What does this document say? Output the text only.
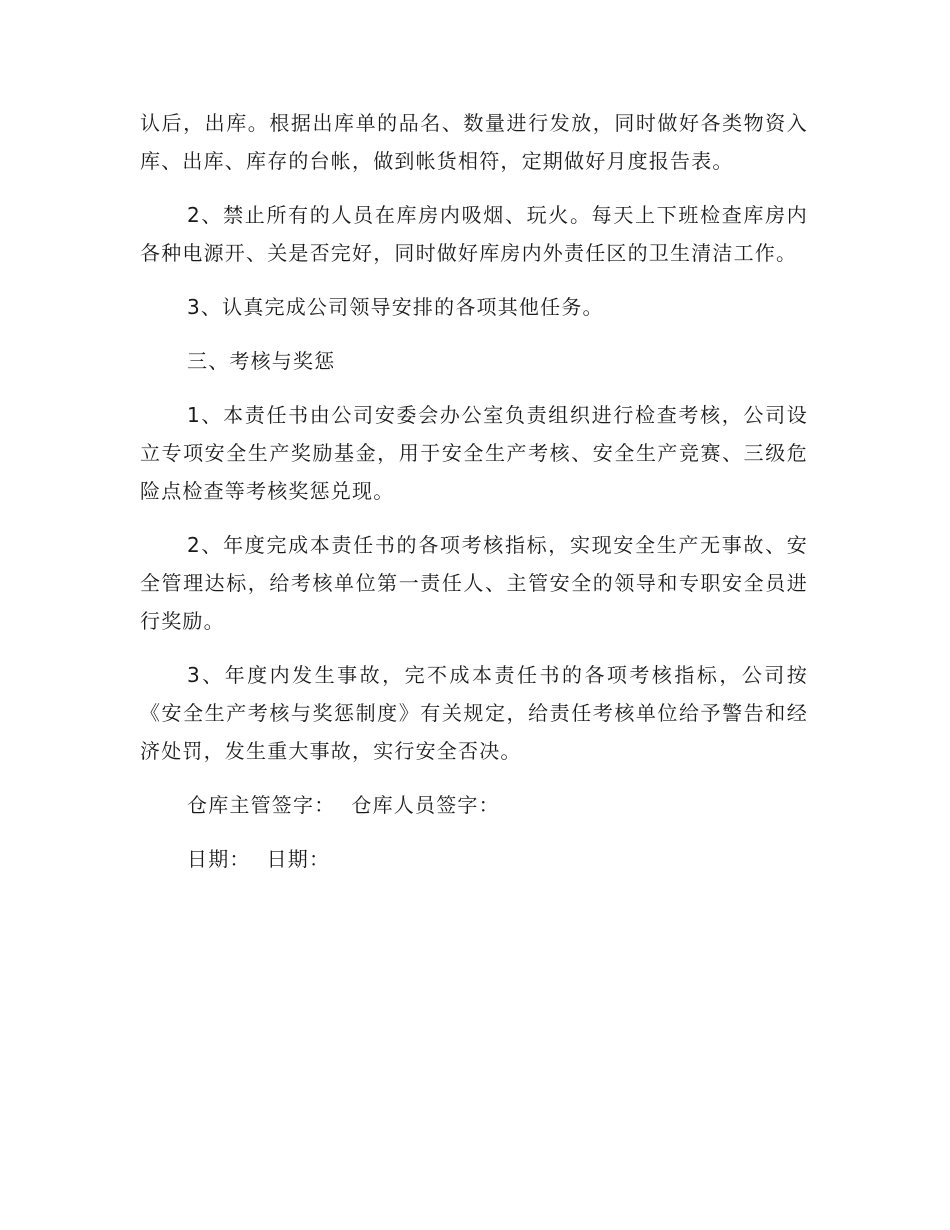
认后，出库。根据出库单的品名、数量进行发放，同时做好各类物资入库、出库、库存的台帐，做到帐货相符，定期做好月度报告表。

2、禁止所有的人员在库房内吸烟、玩火。每天上下班检查库房内各种电源开、关是否完好，同时做好库房内外责任区的卫生清洁工作。

3、认真完成公司领导安排的各项其他任务。

三、考核与奖惩

1、本责任书由公司安委会办公室负责组织进行检查考核，公司设立专项安全生产奖励基金，用于安全生产考核、安全生产竞赛、三级危险点检查等考核奖惩兑现。

2、年度完成本责任书的各项考核指标，实现安全生产无事故、安全管理达标，给考核单位第一责任人、主管安全的领导和专职安全员进行奖励。

3、年度内发生事故，完不成本责任书的各项考核指标，公司按《安全生产考核与奖惩制度》有关规定，给责任考核单位给予警告和经济处罚，发生重大事故，实行安全否决。

仓库主管签字： 仓库人员签字：
日期： 日期：
